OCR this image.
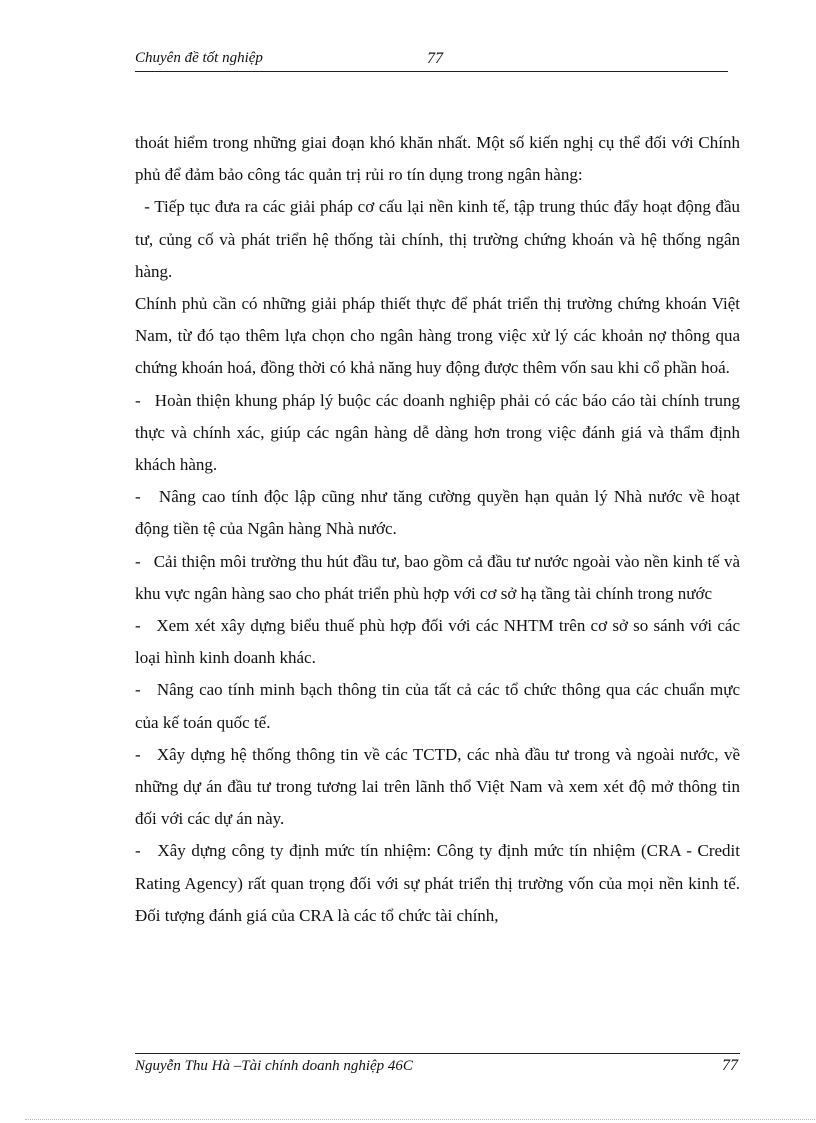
Chuyên đề tốt nghiệp	77

thoát hiểm trong những giai đoạn khó khăn nhất. Một số kiến nghị cụ thể đối với Chính phủ để đảm bảo công tác quản trị rủi ro tín dụng trong ngân hàng:

- Tiếp tục đưa ra các giải pháp cơ cấu lại nền kinh tế, tập trung thúc đẩy hoạt động đầu tư, củng cố và phát triển hệ thống tài chính, thị trường chứng khoán và hệ thống ngân hàng.

Chính phủ cần có những giải pháp thiết thực để phát triển thị trường chứng khoán Việt Nam, từ đó tạo thêm lựa chọn cho ngân hàng trong việc xử lý các khoản nợ thông qua chứng khoán hoá, đồng thời có khả năng huy động được thêm vốn sau khi cổ phần hoá.

-   Hoàn thiện khung pháp lý buộc các doanh nghiệp phải có các báo cáo tài chính trung thực và chính xác, giúp các ngân hàng dễ dàng hơn trong việc đánh giá và thẩm định khách hàng.

-   Nâng cao tính độc lập cũng như tăng cường quyền hạn quản lý Nhà nước về hoạt động tiền tệ của Ngân hàng Nhà nước.

-   Cải thiện môi trường thu hút đầu tư, bao gồm cả đầu tư nước ngoài vào nền kinh tế và khu vực ngân hàng sao cho phát triển phù hợp với cơ sở hạ tầng tài chính trong nước

-   Xem xét xây dựng biểu thuế phù hợp đối với các NHTM trên cơ sở so sánh với các loại hình kinh doanh khác.

-   Nâng cao tính minh bạch thông tin của tất cả các tổ chức thông qua các chuẩn mực của kế toán quốc tế.

-   Xây dựng hệ thống thông tin về các TCTD, các nhà đầu tư trong và ngoài nước, về những dự án đầu tư trong tương lai trên lãnh thổ Việt Nam và xem xét độ mở thông tin đối với các dự án này.

-   Xây dựng công ty định mức tín nhiệm: Công ty định mức tín nhiệm (CRA - Credit Rating Agency) rất quan trọng đối với sự phát triển thị trường vốn của mọi nền kinh tế. Đối tượng đánh giá của CRA là các tổ chức tài chính,

Nguyễn Thu Hà –Tài chính doanh nghiệp 46C	77
